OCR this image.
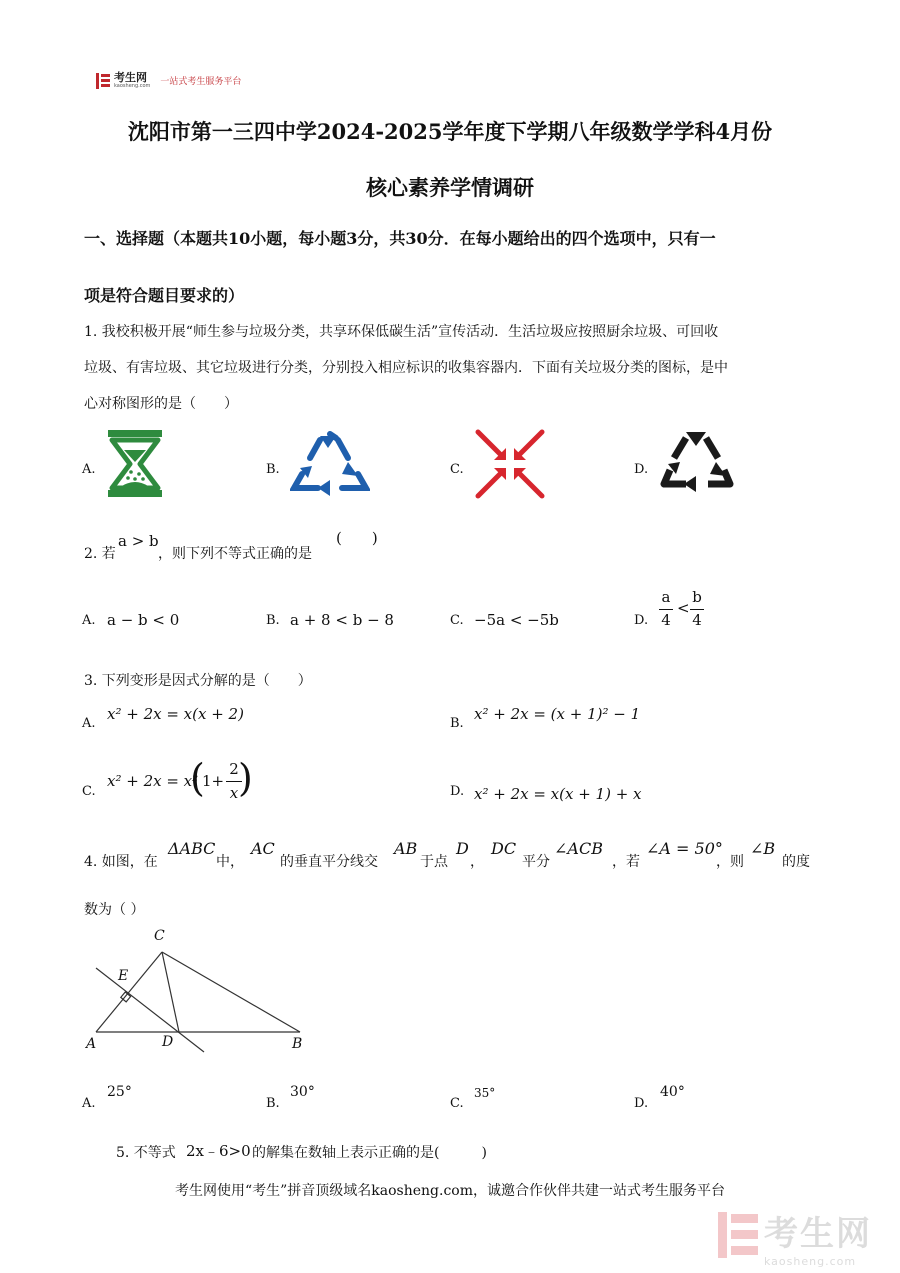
考生网
kaosheng.com 一站式考生服务平台
沈阳市第一三四中学2024-2025学年度下学期八年级数学学科4月份
核心素养学情调研
一、选择题（本题共10小题，每小题3分，共30分．在每小题给出的四个选项中，只有一
项是符合题目要求的）
1. 我校积极开展“师生参与垃圾分类，共享环保低碳生活”宣传活动．生活垃圾应按照厨余垃圾、可回收
垃圾、有害垃圾、其它垃圾进行分类，分别投入相应标识的收集容器内．下面有关垃圾分类的图标，是中
心对称图形的是（　　）
A.	B.	C.	D.
2. 若
a > b
，则下列不等式正确的是
(　　)
A. a − b < 0	B. a + 8 < b − 8	C. −5a < −5b	D.
a
4
<
b
4
3. 下列变形是因式分解的是（　　）
A.
x² + 2x = x(x + 2)
B.
x² + 2x = (x + 1)² − 1
C.
x² + 2x = x²
(
1+
2
x )	D. x² + 2x = x(x + 1) + x
4. 如图，在
ΔABC
中，
AC
的垂直平分线交
AB
于点
D
，
DC
平分
∠ACB
，若
∠A = 50°
，则
∠B
的度
数为（ ）
C
E
A	D	B
A.
25°
B.
30°
C.
35°
D.
40°
5. 不等式 2x﹣6>0 的解集在数轴上表示正确的是(　　　)
考生网使用“考生”拼音顶级域名kaosheng.com，诚邀合作伙伴共建一站式考生服务平台
考生网
kaosheng.com
